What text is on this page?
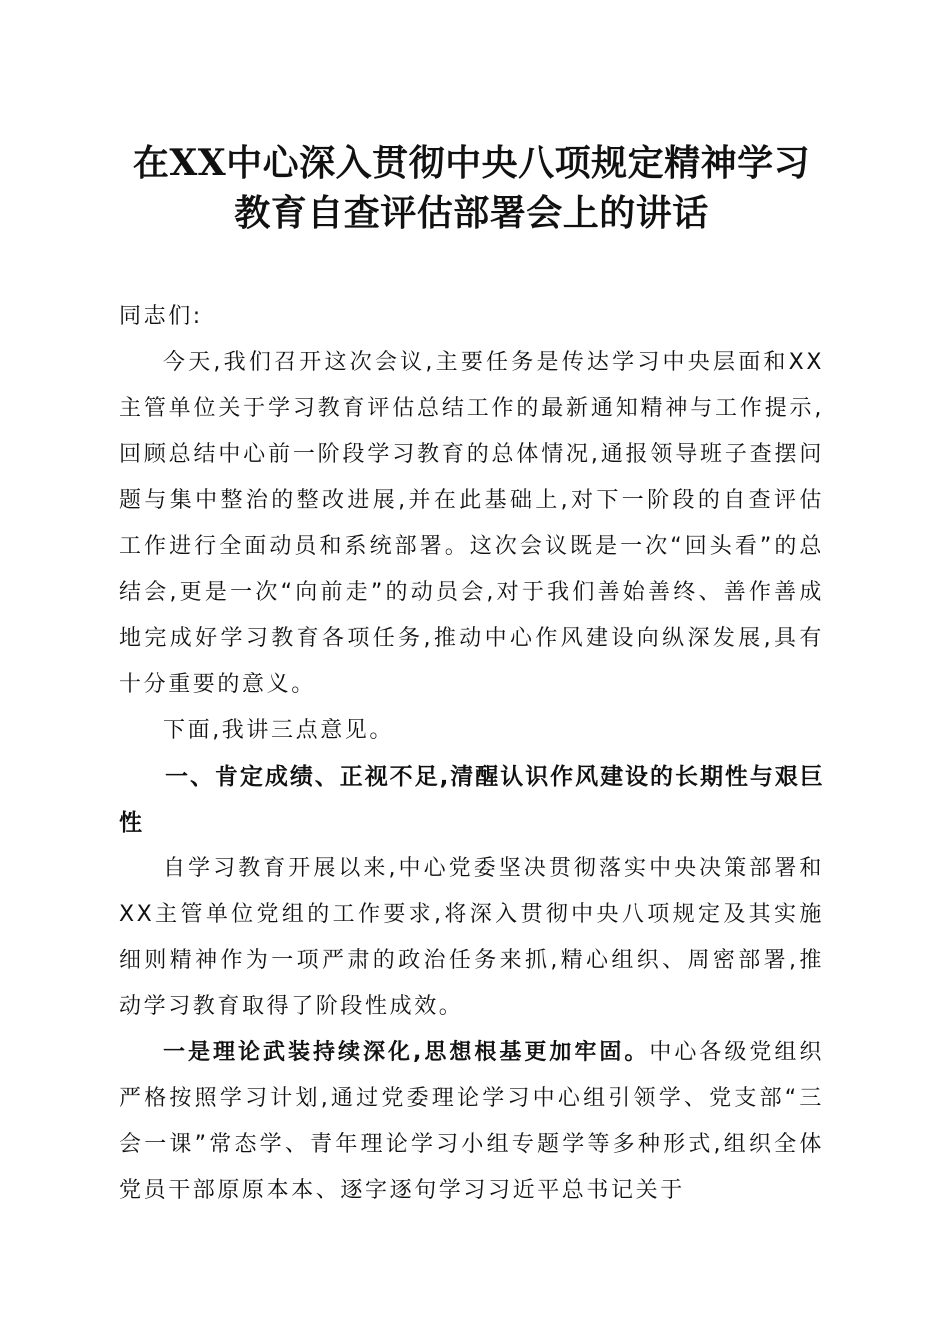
在XX中心深入贯彻中央八项规定精神学习教育自查评估部署会上的讲话

同志们:

今天,我们召开这次会议,主要任务是传达学习中央层面和XX主管单位关于学习教育评估总结工作的最新通知精神与工作提示,回顾总结中心前一阶段学习教育的总体情况,通报领导班子查摆问题与集中整治的整改进展,并在此基础上,对下一阶段的自查评估工作进行全面动员和系统部署。这次会议既是一次“回头看”的总结会,更是一次“向前走”的动员会,对于我们善始善终、善作善成地完成好学习教育各项任务,推动中心作风建设向纵深发展,具有十分重要的意义。

下面,我讲三点意见。

一、肯定成绩、正视不足,清醒认识作风建设的长期性与艰巨性

自学习教育开展以来,中心党委坚决贯彻落实中央决策部署和XX主管单位党组的工作要求,将深入贯彻中央八项规定及其实施细则精神作为一项严肃的政治任务来抓,精心组织、周密部署,推动学习教育取得了阶段性成效。

一是理论武装持续深化,思想根基更加牢固。中心各级党组织严格按照学习计划,通过党委理论学习中心组引领学、党支部“三会一课”常态学、青年理论学习小组专题学等多种形式,组织全体党员干部原原本本、逐字逐句学习习近平总书记关于
